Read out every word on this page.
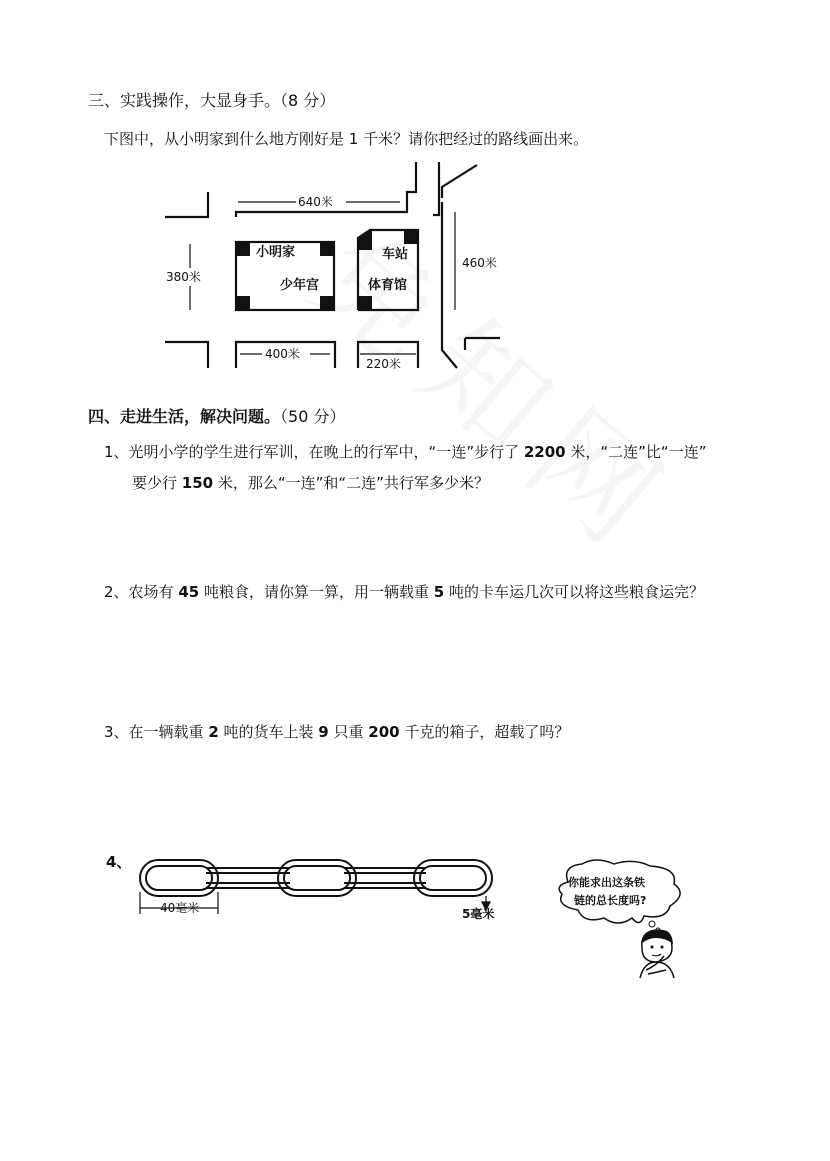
三、实践操作，大显身手。（8 分）
下图中，从小明家到什么地方刚好是 1 千米？请你把经过的路线画出来。
640米
380米
400米
220米
460米
小明家
少年宫
车站
体育馆
四、走进生活，解决问题。（50 分）
1、光明小学的学生进行军训，在晚上的行军中，“一连”步行了 2200 米，“二连”比“一连”
要少行 150 米，那么“一连”和“二连”共行军多少米？
2、农场有 45 吨粮食，请你算一算，用一辆载重 5 吨的卡车运几次可以将这些粮食运完？
3、在一辆载重 2 吨的货车上装 9 只重 200 千克的箱子，超载了吗？
4、
40毫米	5毫米
你能求出这条铁
链的总长度吗?
